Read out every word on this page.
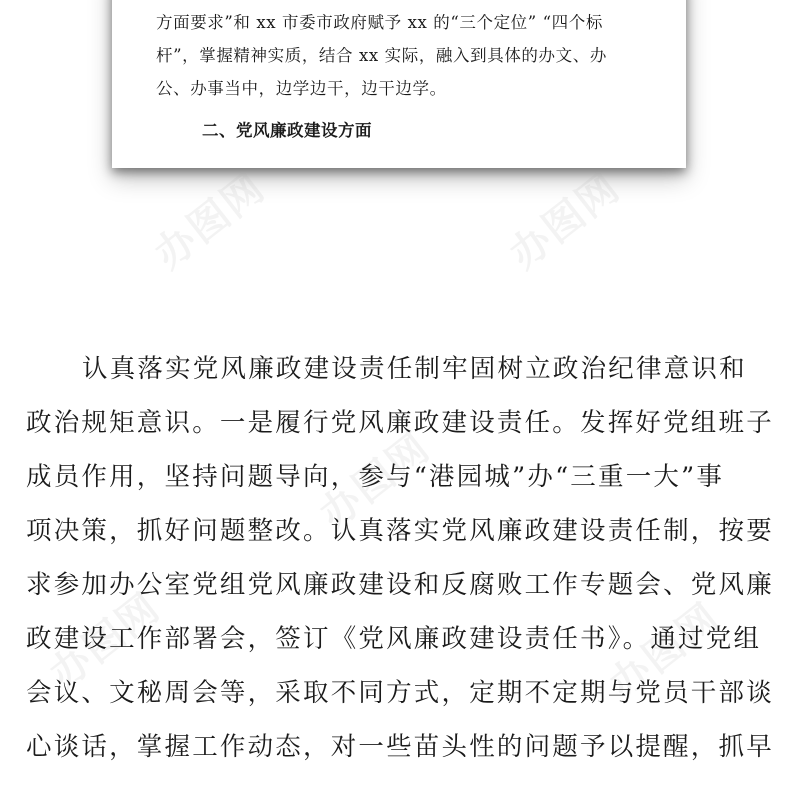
方面要求”和 xx 市委市政府赋予 xx 的“三个定位” “四个标
杆”，掌握精神实质，结合 xx 实际，融入到具体的办文、办
公、办事当中，边学边干，边干边学。
二、党风廉政建设方面
办图网	办图网
办图网
办图网	办图网
认真落实党风廉政建设责任制牢固树立政治纪律意识和
政治规矩意识。一是履行党风廉政建设责任。发挥好党组班子
成员作用，坚持问题导向，参与“港园城”办“三重一大”事
项决策，抓好问题整改。认真落实党风廉政建设责任制，按要
求参加办公室党组党风廉政建设和反腐败工作专题会、党风廉
政建设工作部署会，签订《党风廉政建设责任书》。通过党组
会议、文秘周会等，采取不同方式，定期不定期与党员干部谈
心谈话，掌握工作动态，对一些苗头性的问题予以提醒，抓早
